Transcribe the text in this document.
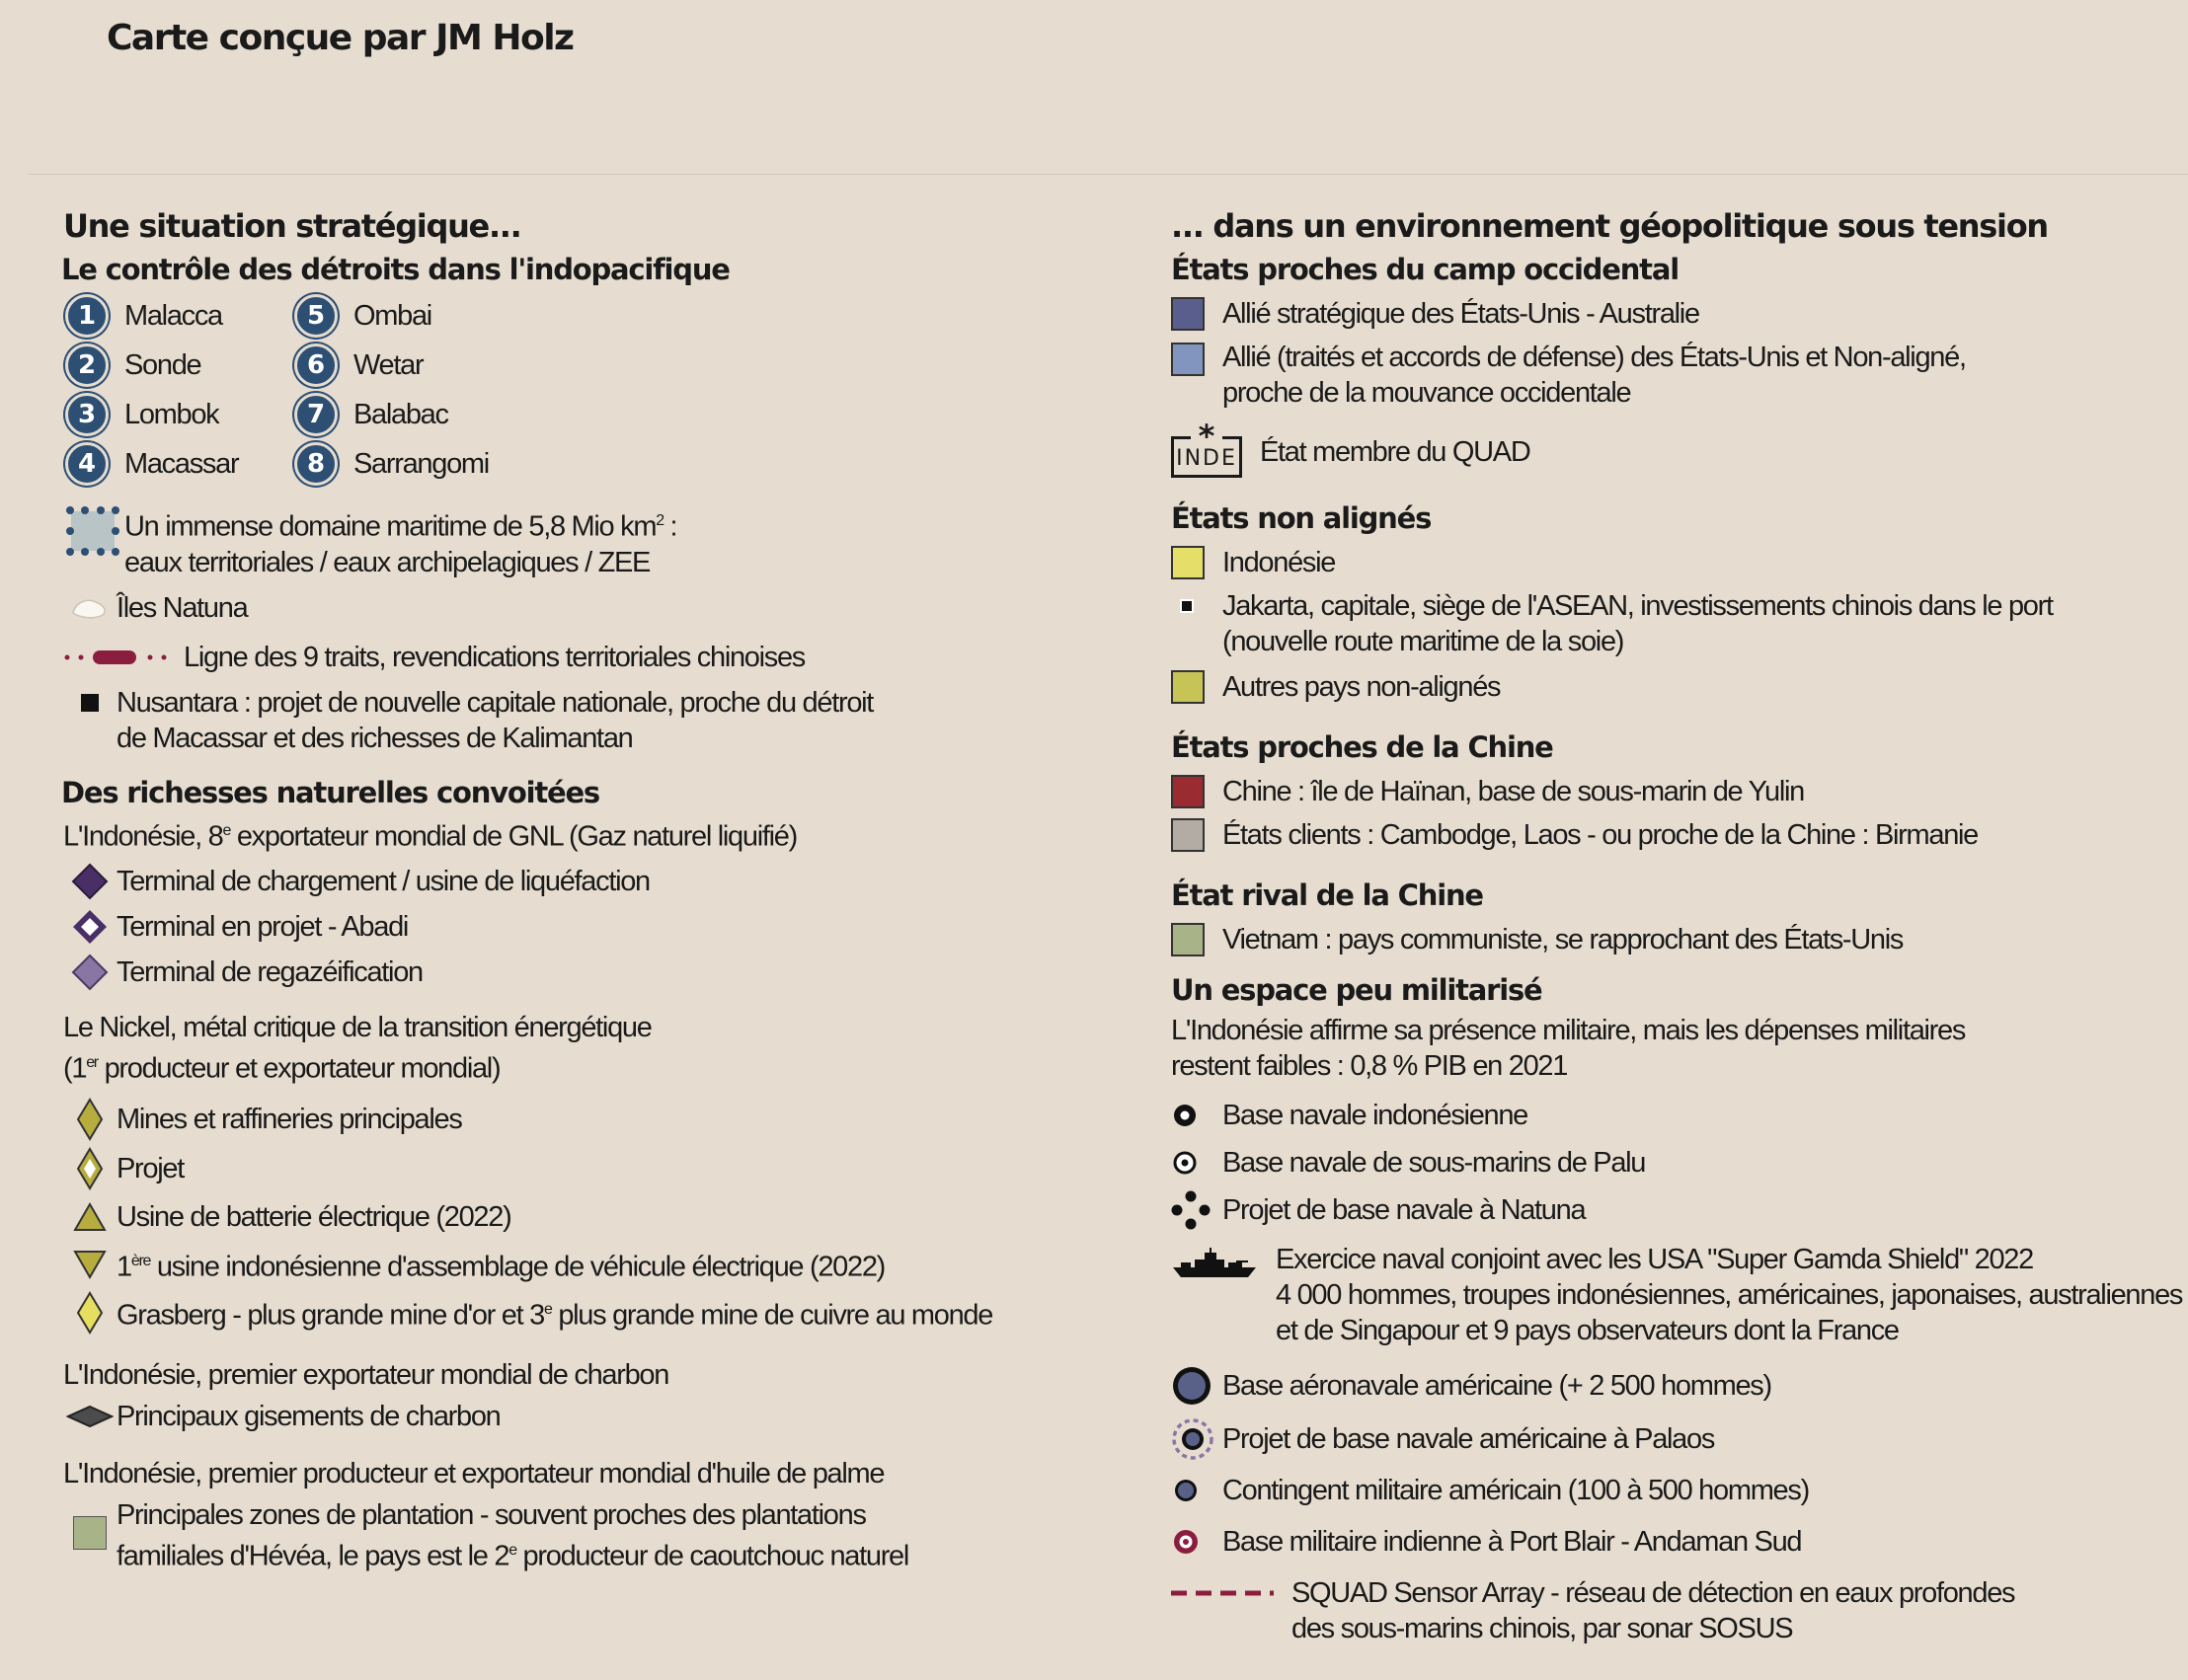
Carte conçue par JM Holz
Une situation stratégique...
Le contrôle des détroits dans l'indopacifique
1 Malacca	5 Ombai
2 Sonde	6 Wetar
3 Lombok	7 Balabac
4 Macassar	8 Sarrangomi
Un immense domaine maritime de 5,8 Mio $km^2$ :
eaux territoriales / eaux archipelagiques / ZEE
Îles Natuna
Ligne des 9 traits, revendications territoriales chinoises
Nusantara : projet de nouvelle capitale nationale, proche du détroit
de Macassar et des richesses de Kalimantan
Des richesses naturelles convoitées
L'Indonésie, 8e exportateur mondial de GNL (Gaz naturel liquifié)
Terminal de chargement / usine de liquéfaction
Terminal en projet - Abadi
Terminal de regazéification
Le Nickel, métal critique de la transition énergétique
(1er producteur et exportateur mondial)
Mines et raffineries principales
Projet
Usine de batterie électrique (2022)
1ère usine indonésienne d'assemblage de véhicule électrique (2022)
Grasberg - plus grande mine d'or et 3e plus grande mine de cuivre au monde
L'Indonésie, premier exportateur mondial de charbon
Principaux gisements de charbon
L'Indonésie, premier producteur et exportateur mondial d'huile de palme
Principales zones de plantation - souvent proches des plantations
familiales d'Hévéa, le pays est le 2e producteur de caoutchouc naturel
... dans un environnement géopolitique sous tension
États proches du camp occidental
Allié stratégique des États-Unis - Australie
Allié (traités et accords de défense) des États-Unis et Non-aligné,
proche de la mouvance occidentale
*
INDE État membre du QUAD
États non alignés
Indonésie
Jakarta, capitale, siège de l'ASEAN, investissements chinois dans le port
(nouvelle route maritime de la soie)
Autres pays non-alignés
États proches de la Chine
Chine : île de Haïnan, base de sous-marin de Yulin
États clients : Cambodge, Laos - ou proche de la Chine : Birmanie
État rival de la Chine
Vietnam : pays communiste, se rapprochant des États-Unis
Un espace peu militarisé
L'Indonésie affirme sa présence militaire, mais les dépenses militaires
restent faibles : 0,8 % PIB en 2021
Base navale indonésienne
Base navale de sous-marins de Palu
Projet de base navale à Natuna
Exercice naval conjoint avec les USA "Super Gamda Shield" 2022
4 000 hommes, troupes indonésiennes, américaines, japonaises, australiennes
et de Singapour et 9 pays observateurs dont la France
Base aéronavale américaine (+ 2 500 hommes)
Projet de base navale américaine à Palaos
Contingent militaire américain (100 à 500 hommes)
Base militaire indienne à Port Blair - Andaman Sud
SQUAD Sensor Array - réseau de détection en eaux profondes
des sous-marins chinois, par sonar SOSUS
